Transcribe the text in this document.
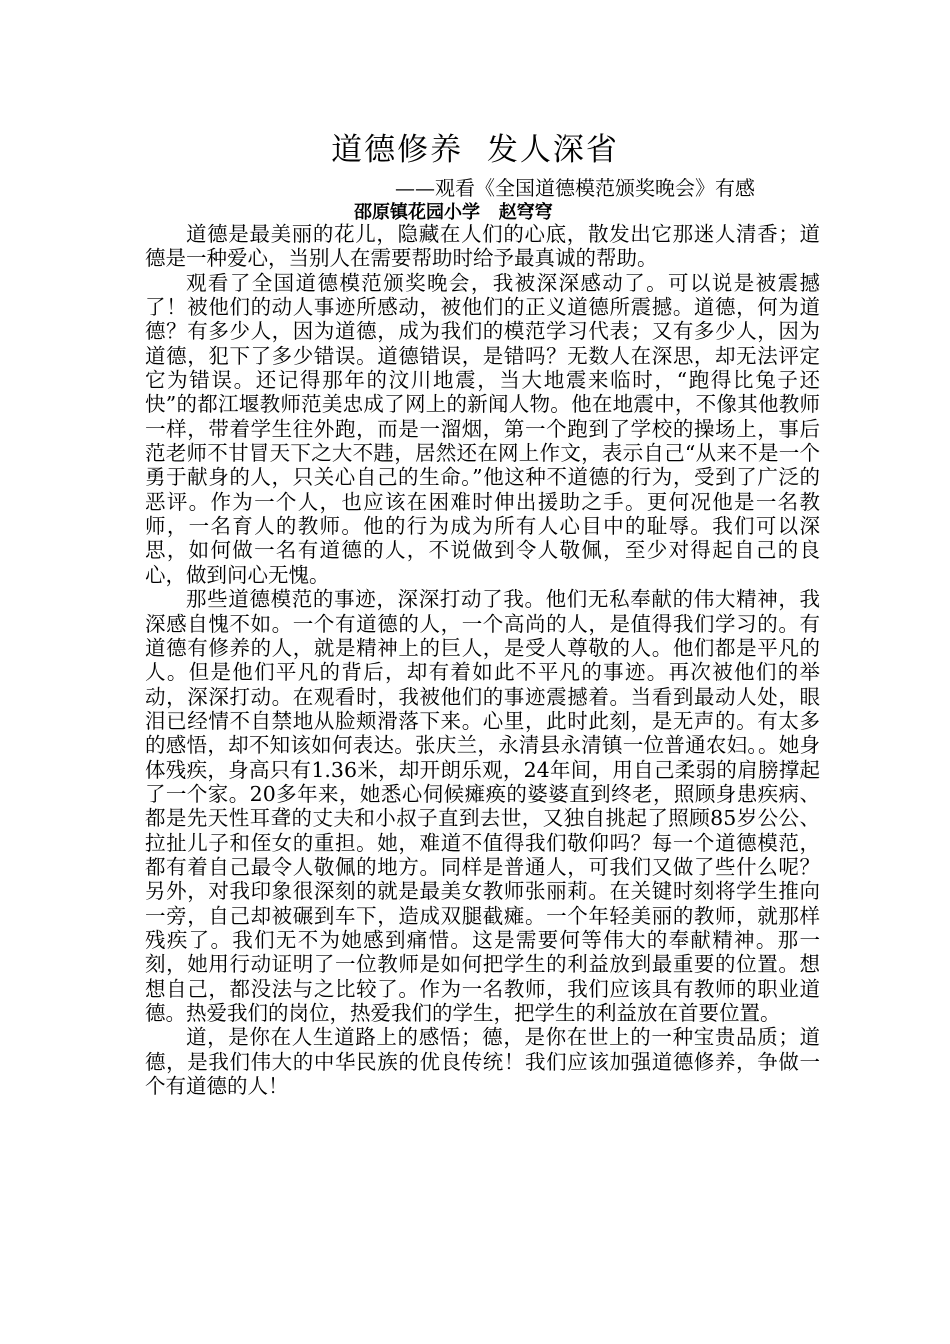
道德修养  发人深省
——观看《全国道德模范颁奖晚会》有感
邵原镇花园小学   赵穹穹

道德是最美丽的花儿，隐藏在人们的心底，散发出它那迷人清香；道德是一种爱心，当别人在需要帮助时给予最真诚的帮助。

观看了全国道德模范颁奖晚会，我被深深感动了。可以说是被震撼了！被他们的动人事迹所感动，被他们的正义道德所震撼。道德，何为道德？有多少人，因为道德，成为我们的模范学习代表；又有多少人，因为道德，犯下了多少错误。道德错误，是错吗？无数人在深思，却无法评定它为错误。还记得那年的汶川地震，当大地震来临时，“跑得比兔子还快”的都江堰教师范美忠成了网上的新闻人物。他在地震中，不像其他教师一样，带着学生往外跑，而是一溜烟，第一个跑到了学校的操场上，事后范老师不甘冒天下之大不韪，居然还在网上作文，表示自己“从来不是一个勇于献身的人，只关心自己的生命。”他这种不道德的行为，受到了广泛的恶评。作为一个人，也应该在困难时伸出援助之手。更何况他是一名教师，一名育人的教师。他的行为成为所有人心目中的耻辱。我们可以深思，如何做一名有道德的人，不说做到令人敬佩，至少对得起自己的良心，做到问心无愧。

那些道德模范的事迹，深深打动了我。他们无私奉献的伟大精神，我深感自愧不如。一个有道德的人，一个高尚的人，是值得我们学习的。有道德有修养的人，就是精神上的巨人，是受人尊敬的人。他们都是平凡的人。但是他们平凡的背后，却有着如此不平凡的事迹。再次被他们的举动，深深打动。在观看时，我被他们的事迹震撼着。当看到最动人处，眼泪已经情不自禁地从脸颊滑落下来。心里，此时此刻，是无声的。有太多的感悟，却不知该如何表达。张庆兰，永清县永清镇一位普通农妇。。她身体残疾，身高只有1.36米，却开朗乐观，24年间，用自己柔弱的肩膀撑起了一个家。20多年来，她悉心伺候瘫痪的婆婆直到终老，照顾身患疾病、都是先天性耳聋的丈夫和小叔子直到去世，又独自挑起了照顾85岁公公、拉扯儿子和侄女的重担。她，难道不值得我们敬仰吗？每一个道德模范，都有着自己最令人敬佩的地方。同样是普通人，可我们又做了些什么呢？另外，对我印象很深刻的就是最美女教师张丽莉。在关键时刻将学生推向一旁，自己却被碾到车下，造成双腿截瘫。一个年轻美丽的教师，就那样残疾了。我们无不为她感到痛惜。这是需要何等伟大的奉献精神。那一刻，她用行动证明了一位教师是如何把学生的利益放到最重要的位置。想想自己，都没法与之比较了。作为一名教师，我们应该具有教师的职业道德。热爱我们的岗位，热爱我们的学生，把学生的利益放在首要位置。

道，是你在人生道路上的感悟；德，是你在世上的一种宝贵品质；道德，是我们伟大的中华民族的优良传统！我们应该加强道德修养，争做一个有道德的人！
